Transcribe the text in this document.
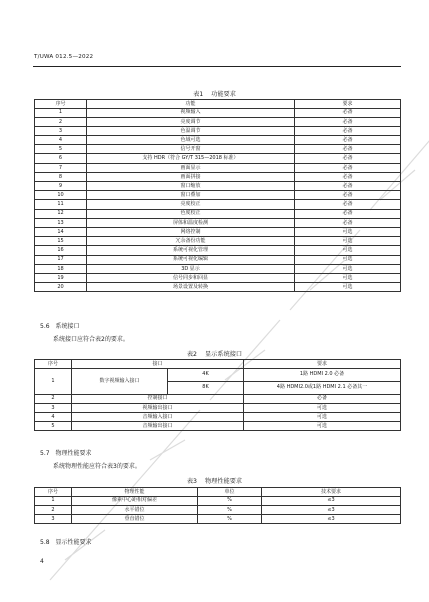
T/UWA 012.5—2022
表1 功能要求
序号	功能	要求
1	视频输入	必备
2	亮度调节	必备
3	色温调节	必备
4	色域可选	必备
5	信号开窗	必备
6	支持 HDR（符合 GY/T 315—2018 标准）	必备
7	画面显示	必备
8	画面拼接	必备
9	窗口缩放	必备
10	窗口叠加	必备
11	亮度校正	必备
12	色度校正	必备
13	屏体和温度检测	必备
14	网络控制	可选
15	冗余备份功能	可选
16	系统可视化管理	可选
17	系统可视化编辑	可选
18	3D 显示	可选
19	信号同步和回显	可选
20	场景设置及转换	可选
5.6　系统接口
系统接口应符合表2的要求。
表2 显示系统接口
序号	接口		要求
1	数字视频输入接口	4K	1路 HDMI 2.0 必备
		8K	4路 HDMI2.0或1路 HDMI 2.1 必备其一
2	控制接口		必备
3	视频输出接口		可选
4	音频输入接口		可选
5	音频输出接口		可选
5.7　物理性能要求
系统物理性能应符合表3的要求。
表3 物理性能要求
序号	物理性能	单位	技术要求
1	像素中心距相对偏差	%	≤3
2	水平错位	%	≤3
3	垂直错位	%	≤3
5.8　显示性能要求
4
